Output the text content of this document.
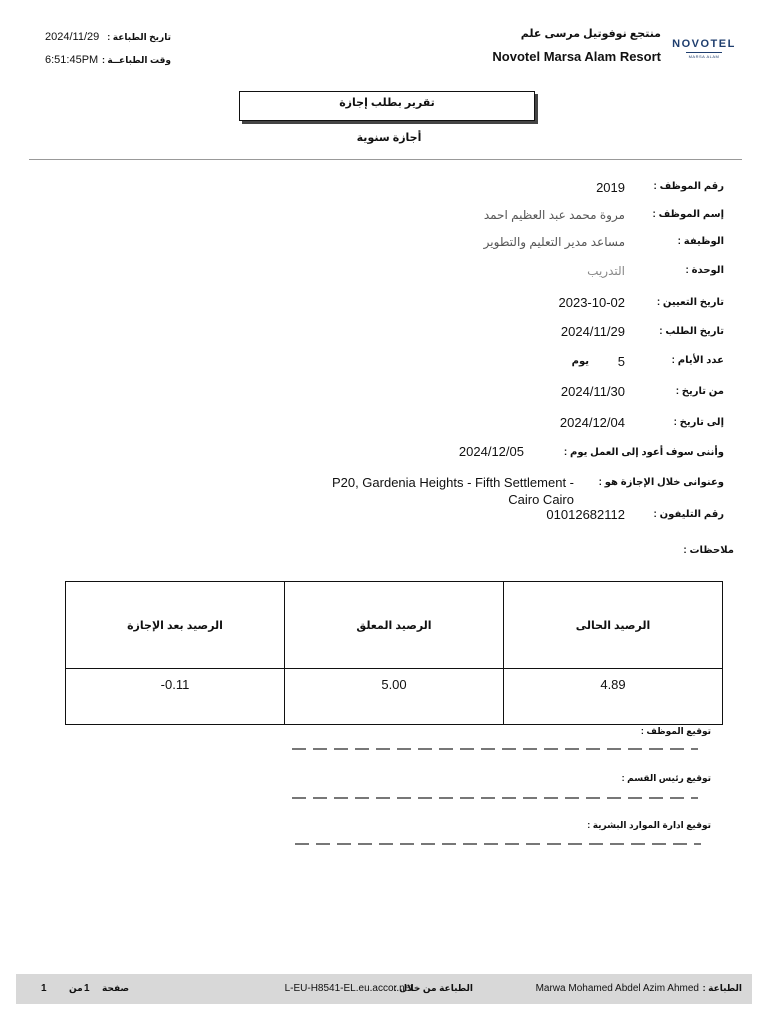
منتجع نوفوتيل مرسى علم
Novotel Marsa Alam Resort
NOVOTEL
MARSA ALAM
تاريخ الطباعة :
2024/11/29
وقت الطباعــة :
6:51:45PM
تقرير بطلب إجازة
أجازة سنوية
رقم الموظف :
2019
إسم الموظف :
مروة محمد عبد العظيم احمد
الوظيفة :
مساعد مدير التعليم والتطوير
الوحدة :
التدريب
تاريخ التعيين :
2023-10-02
تاريخ الطلب :
2024/11/29
عدد الأيام :
5
يوم
من تاريخ :
2024/11/30
إلى تاريخ :
2024/12/04
وأننى سوف أعود إلى العمل يوم :
2024/12/05
وعنوانى خلال الإجازة هو :
P20, Gardenia Heights - Fifth Settlement -
Cairo Cairo
رقم التليفون :
01012682112
ملاحظات :
الرصيد بعد الإجازة	الرصيد المعلق	الرصيد الحالى
-0.11	5.00	4.89
توقيع الموظف :
توقيع رئيس القسم :
توقيع ادارة الموارد البشرية :
الطباعة :
Marwa Mohamed Abdel Azim Ahmed
الطباعة من خلال :
L-EU-H8541-EL.eu.accor.net
صفحة
1
من
1
